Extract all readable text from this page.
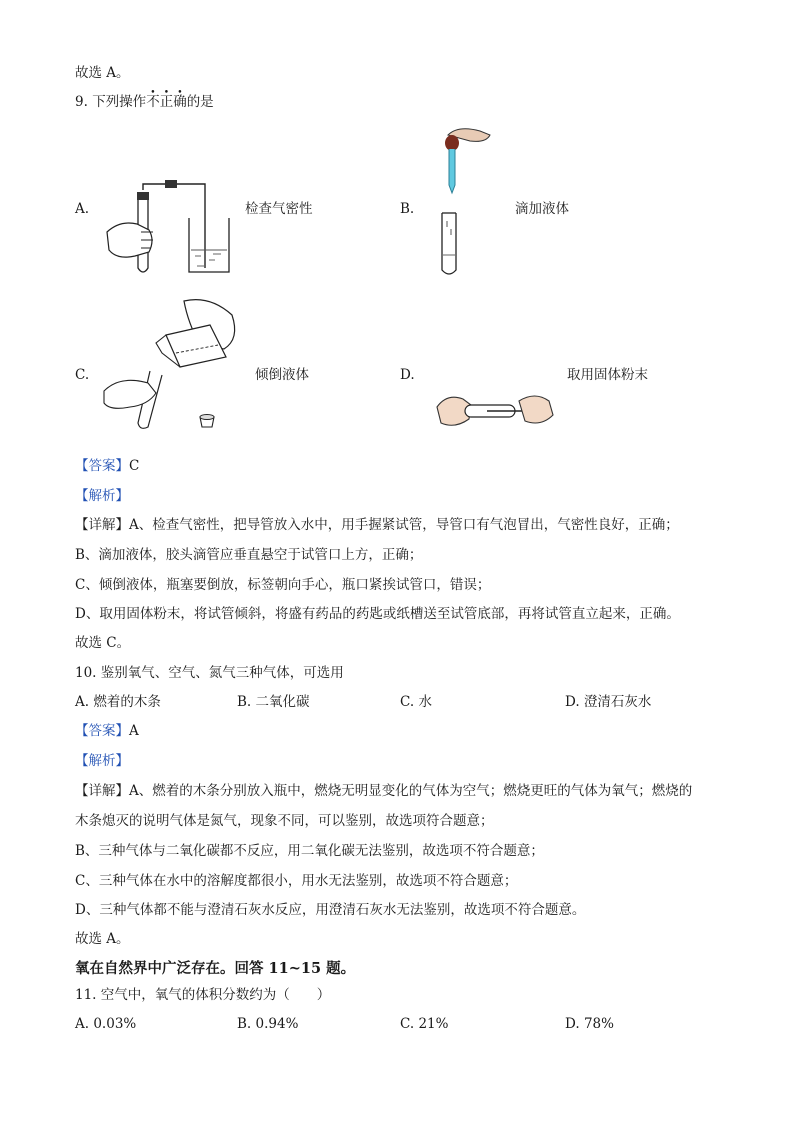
故选 A。
9. 下列操作不正确的是
A.	检查气密性	B.	滴加液体
C.	倾倒液体	D.	取用固体粉末
【答案】C
【解析】
【详解】A、检查气密性，把导管放入水中，用手握紧试管，导管口有气泡冒出，气密性良好，正确；
B、滴加液体，胶头滴管应垂直悬空于试管口上方，正确；
C、倾倒液体，瓶塞要倒放，标签朝向手心，瓶口紧挨试管口，错误；
D、取用固体粉末，将试管倾斜，将盛有药品的药匙或纸槽送至试管底部，再将试管直立起来，正确。
故选 C。
10. 鉴别氧气、空气、氮气三种气体，可选用
A. 燃着的木条	B. 二氧化碳	C. 水	D. 澄清石灰水
【答案】A
【解析】
【详解】A、燃着的木条分别放入瓶中，燃烧无明显变化的气体为空气；燃烧更旺的气体为氧气；燃烧的
木条熄灭的说明气体是氮气，现象不同，可以鉴别，故选项符合题意；
B、三种气体与二氧化碳都不反应，用二氧化碳无法鉴别，故选项不符合题意；
C、三种气体在水中的溶解度都很小，用水无法鉴别，故选项不符合题意；
D、三种气体都不能与澄清石灰水反应，用澄清石灰水无法鉴别，故选项不符合题意。
故选 A。
氧在自然界中广泛存在。回答 11~15 题。
11. 空气中，氧气的体积分数约为（　　）
A. 0.03%	B. 0.94%	C. 21%	D. 78%
